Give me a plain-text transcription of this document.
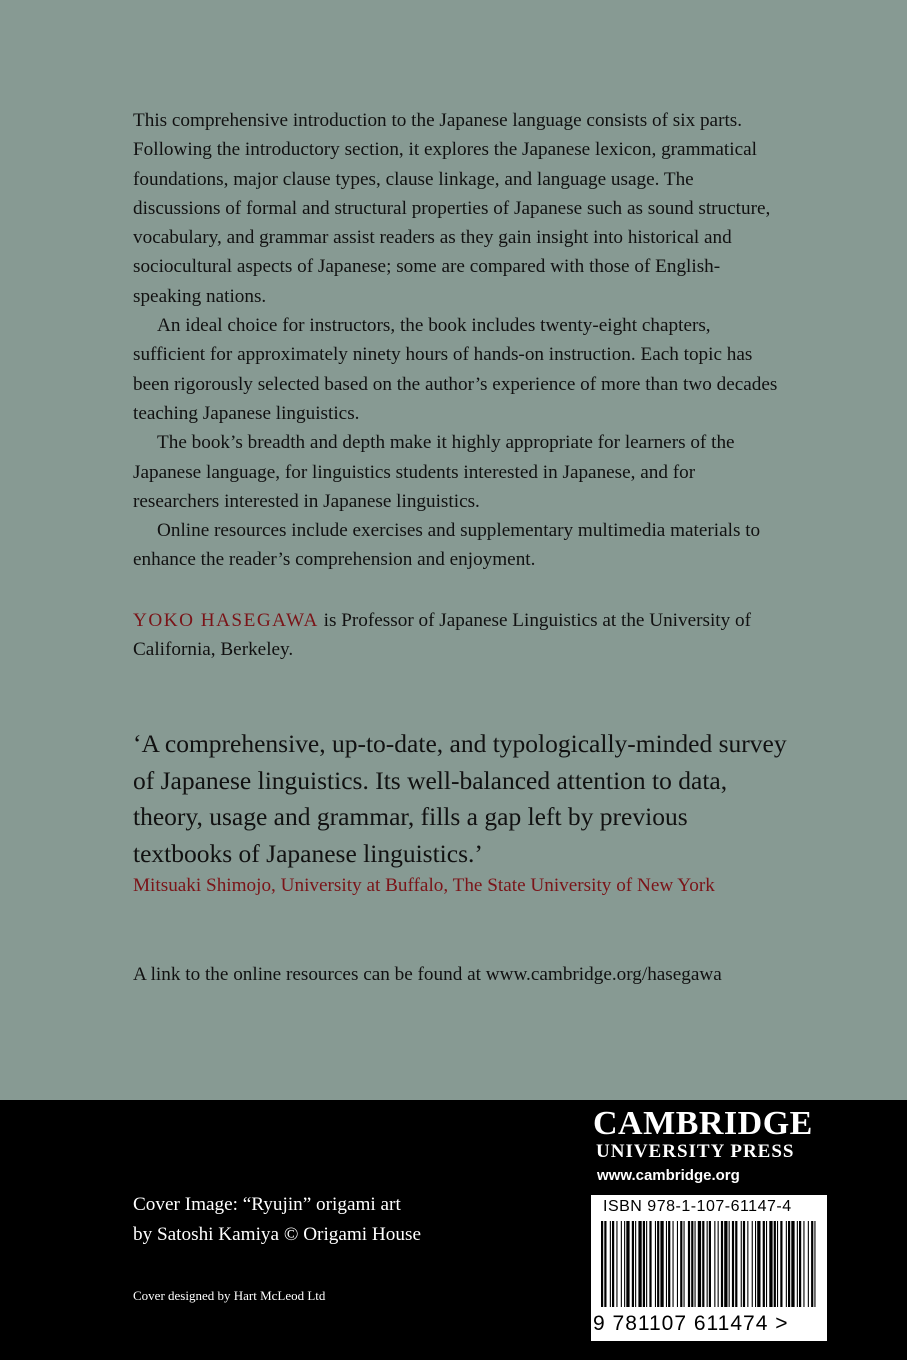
This comprehensive introduction to the Japanese language consists of six parts. Following the introductory section, it explores the Japanese lexicon, grammatical foundations, major clause types, clause linkage, and language usage. The discussions of formal and structural properties of Japanese such as sound structure, vocabulary, and grammar assist readers as they gain insight into historical and sociocultural aspects of Japanese; some are compared with those of English-speaking nations.

An ideal choice for instructors, the book includes twenty-eight chapters, sufficient for approximately ninety hours of hands-on instruction. Each topic has been rigorously selected based on the author’s experience of more than two decades teaching Japanese linguistics.

The book’s breadth and depth make it highly appropriate for learners of the Japanese language, for linguistics students interested in Japanese, and for researchers interested in Japanese linguistics.

Online resources include exercises and supplementary multimedia materials to enhance the reader’s comprehension and enjoyment.

YOKO HASEGAWA is Professor of Japanese Linguistics at the University of California, Berkeley.
‘A comprehensive, up-to-date, and typologically-minded survey of Japanese linguistics. Its well-balanced attention to data, theory, usage and grammar, fills a gap left by previous textbooks of Japanese linguistics.’
Mitsuaki Shimojo, University at Buffalo, The State University of New York
A link to the online resources can be found at www.cambridge.org/hasegawa
Cover Image: “Ryujin” origami art
by Satoshi Kamiya © Origami House
Cover designed by Hart McLeod Ltd
CAMBRIDGE
UNIVERSITY PRESS
www.cambridge.org
ISBN 978-1-107-61147-4
9 781107 611474 >
